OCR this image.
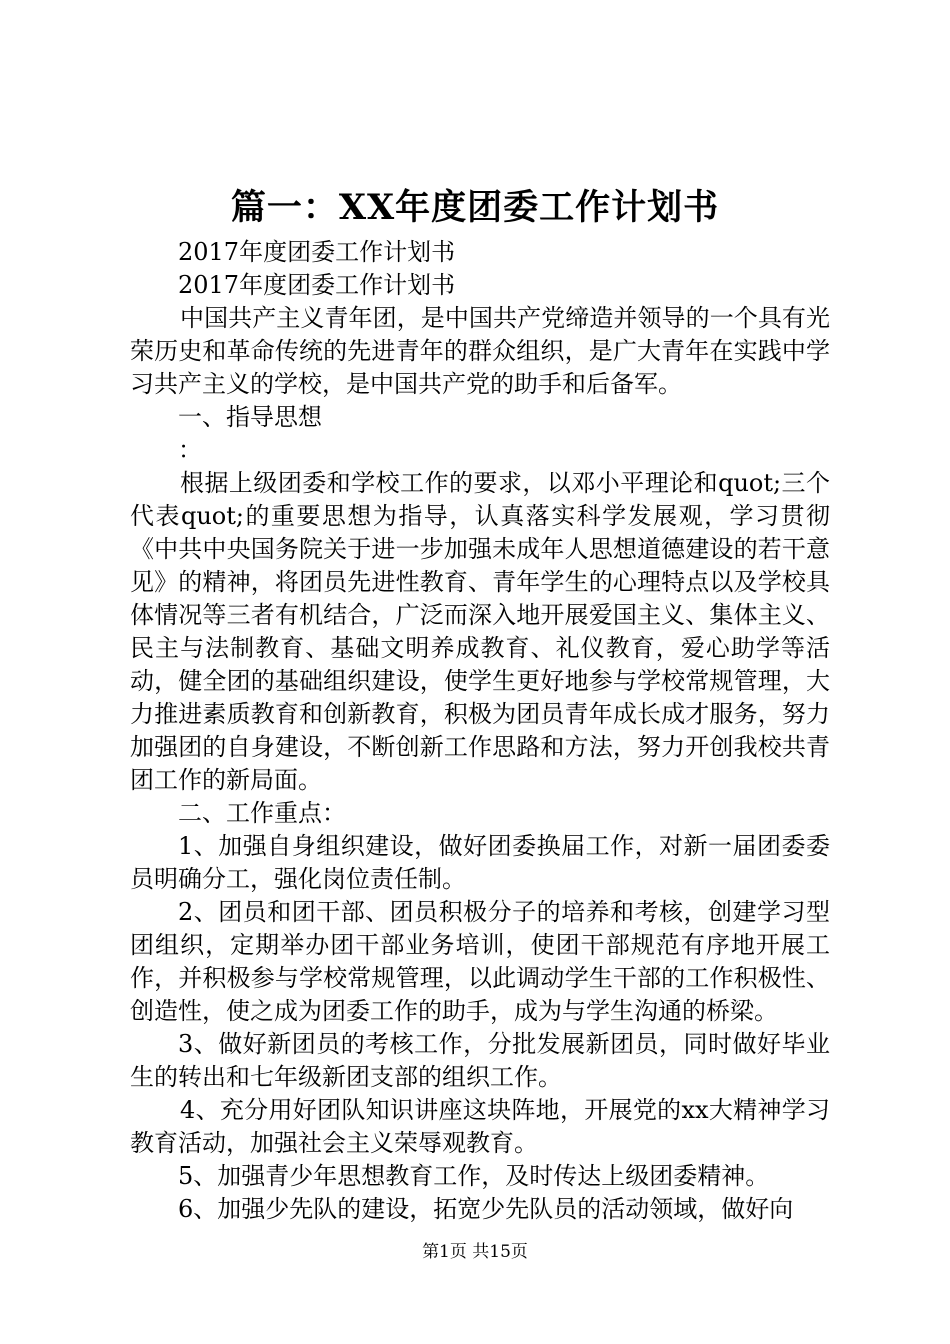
篇一：XX年度团委工作计划书

2017年度团委工作计划书

2017年度团委工作计划书

中国共产主义青年团，是中国共产党缔造并领导的一个具有光荣历史和革命传统的先进青年的群众组织，是广大青年在实践中学习共产主义的学校，是中国共产党的助手和后备军。

一、指导思想

：

根据上级团委和学校工作的要求，以邓小平理论和quot;三个代表quot;的重要思想为指导，认真落实科学发展观，学习贯彻《中共中央国务院关于进一步加强未成年人思想道德建设的若干意见》的精神，将团员先进性教育、青年学生的心理特点以及学校具体情况等三者有机结合，广泛而深入地开展爱国主义、集体主义、民主与法制教育、基础文明养成教育、礼仪教育，爱心助学等活动，健全团的基础组织建设，使学生更好地参与学校常规管理，大力推进素质教育和创新教育，积极为团员青年成长成才服务，努力加强团的自身建设，不断创新工作思路和方法，努力开创我校共青团工作的新局面。

二、工作重点：

1、加强自身组织建设，做好团委换届工作，对新一届团委委员明确分工，强化岗位责任制。

2、团员和团干部、团员积极分子的培养和考核，创建学习型团组织，定期举办团干部业务培训，使团干部规范有序地开展工作，并积极参与学校常规管理，以此调动学生干部的工作积极性、创造性，使之成为团委工作的助手，成为与学生沟通的桥梁。

3、做好新团员的考核工作，分批发展新团员，同时做好毕业生的转出和七年级新团支部的组织工作。

4、充分用好团队知识讲座这块阵地，开展党的xx大精神学习教育活动，加强社会主义荣辱观教育。

5、加强青少年思想教育工作，及时传达上级团委精神。

6、加强少先队的建设，拓宽少先队员的活动领域，做好向

第1页 共15页
